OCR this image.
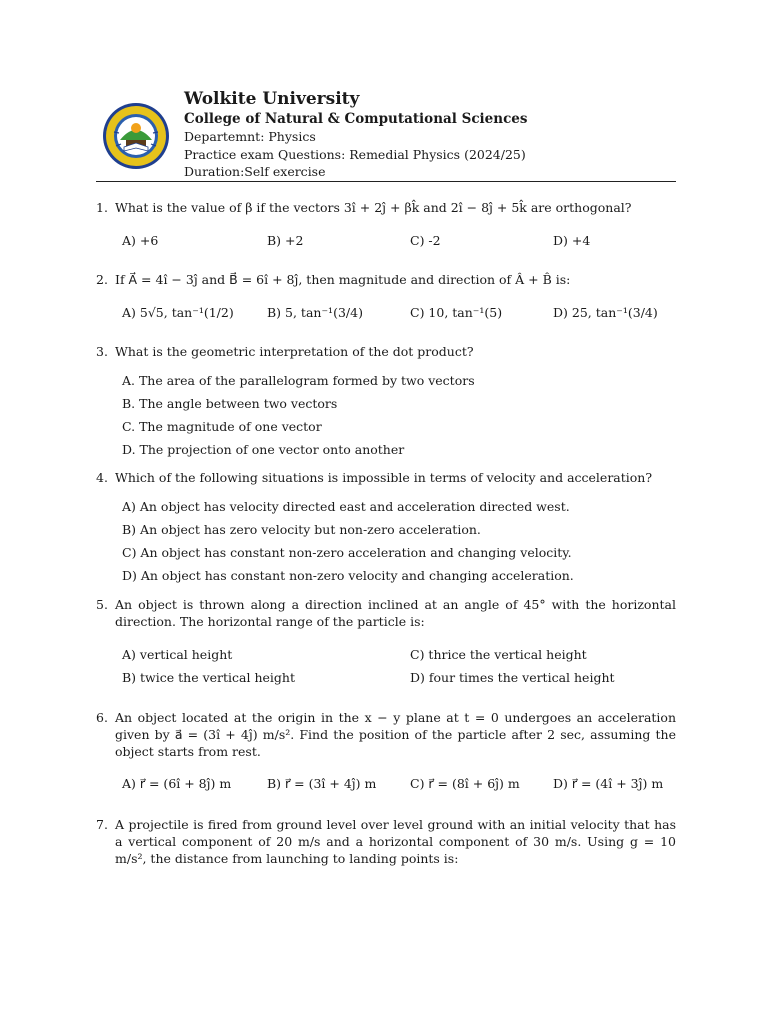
Wolkite University

College of Natural & Computational Sciences

Departemnt: Physics

Practice exam Questions: Remedial Physics (2024/25)

Duration:Self exercise

1. What is the value of β if the vectors 3î + 2ĵ + βk̂ and 2î − 8ĵ + 5k̂ are orthogonal?
A) +6	B) +2	C) -2	D) +4
2. If A⃗ = 4î − 3ĵ and B⃗ = 6î + 8ĵ, then magnitude and direction of Â + B̂ is:
A) 5√5, tan⁻¹(1/2)	B) 5, tan⁻¹(3/4)	C) 10, tan⁻¹(5)	D) 25, tan⁻¹(3/4)
3. What is the geometric interpretation of the dot product?
A. The area of the parallelogram formed by two vectors
B. The angle between two vectors
C. The magnitude of one vector
D. The projection of one vector onto another
4. Which of the following situations is impossible in terms of velocity and acceleration?
A) An object has velocity directed east and acceleration directed west.
B) An object has zero velocity but non-zero acceleration.
C) An object has constant non-zero acceleration and changing velocity.
D) An object has constant non-zero velocity and changing acceleration.
5. An object is thrown along a direction inclined at an angle of 45° with the horizontal direction. The horizontal range of the particle is:
A) vertical height	C) thrice the vertical height
B) twice the vertical height	D) four times the vertical height
6. An object located at the origin in the x − y plane at t = 0 undergoes an acceleration given by a⃗ = (3î + 4ĵ) m/s². Find the position of the particle after 2 sec, assuming the object starts from rest.
A) r⃗ = (6î + 8ĵ) m	B) r⃗ = (3î + 4ĵ) m	C) r⃗ = (8î + 6ĵ) m	D) r⃗ = (4î + 3ĵ) m
7. A projectile is fired from ground level over level ground with an initial velocity that has a vertical component of 20 m/s and a horizontal component of 30 m/s. Using g = 10 m/s², the distance from launching to landing points is:
